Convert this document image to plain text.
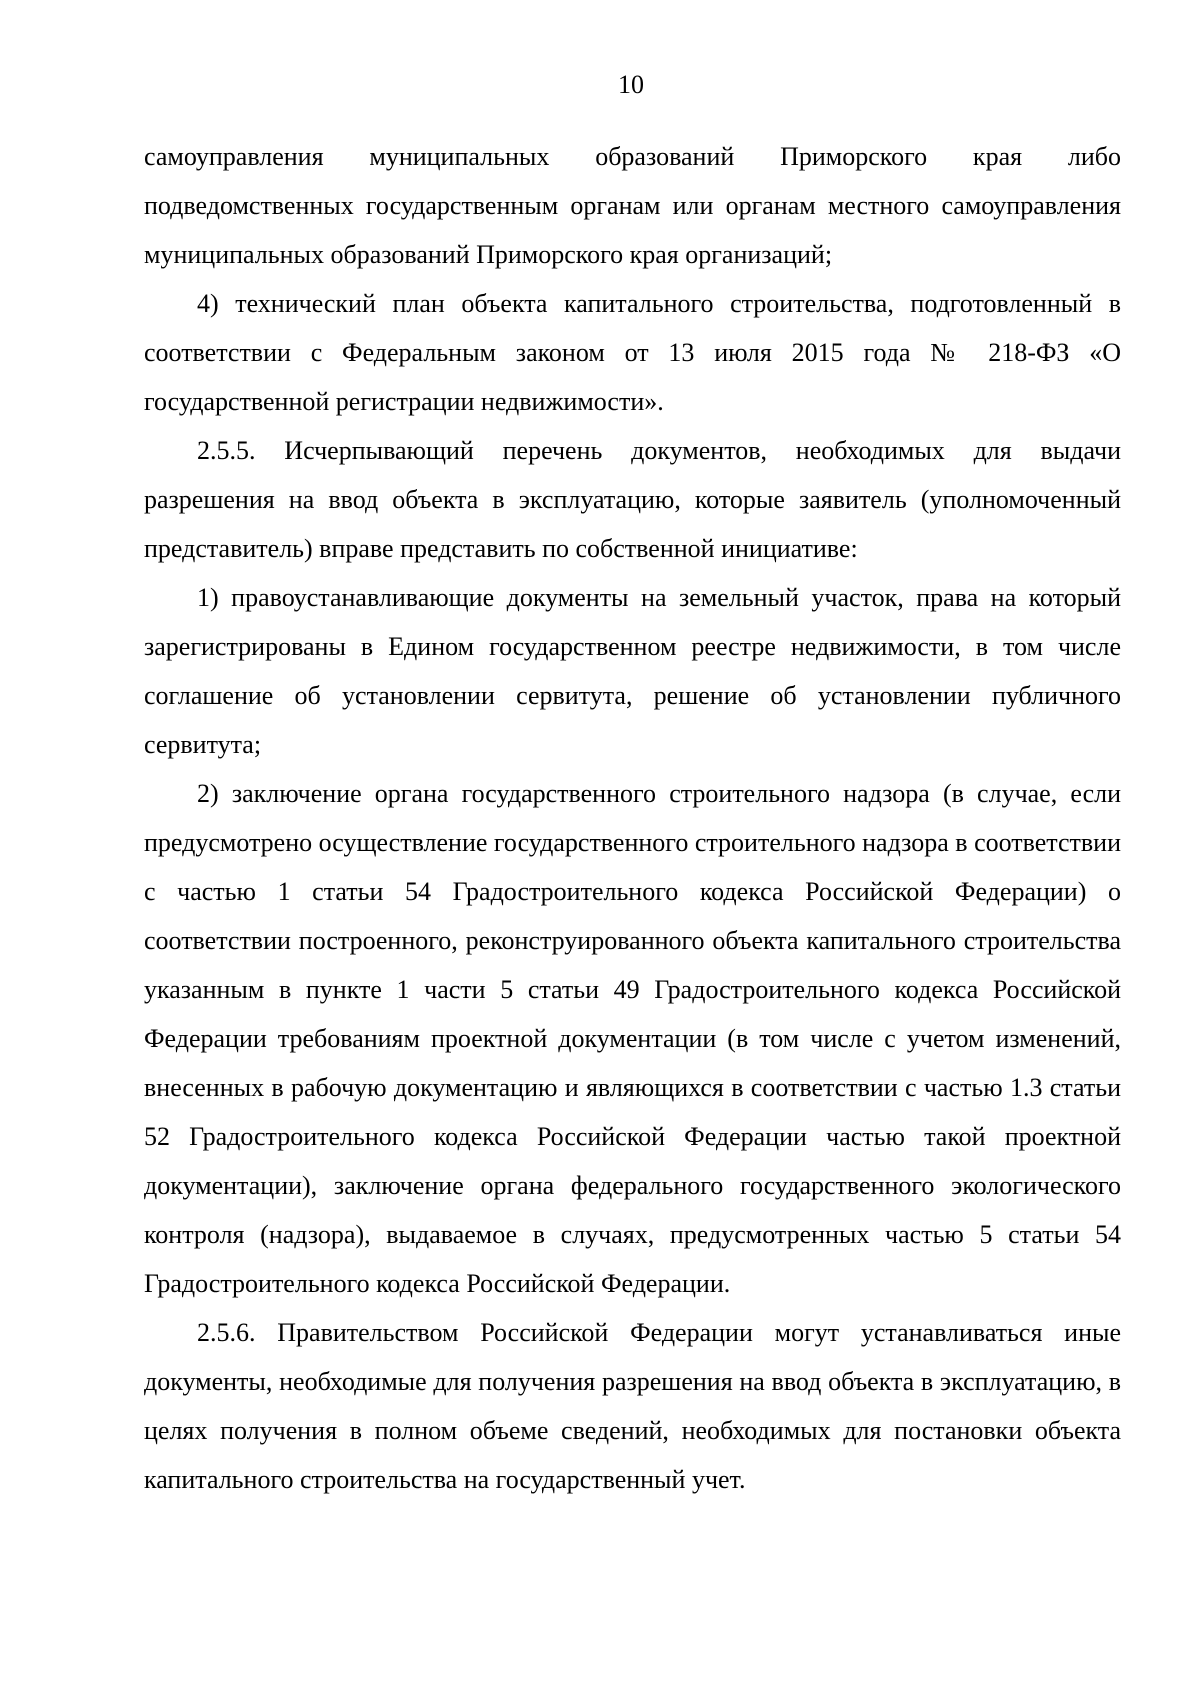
10

самоуправления муниципальных образований Приморского края либо подведомственных государственным органам или органам местного самоуправления муниципальных образований Приморского края организаций;

4) технический план объекта капитального строительства, подготовленный в соответствии с Федеральным законом от 13 июля 2015 года № 218-ФЗ «О государственной регистрации недвижимости».

2.5.5. Исчерпывающий перечень документов, необходимых для выдачи разрешения на ввод объекта в эксплуатацию, которые заявитель (уполномоченный представитель) вправе представить по собственной инициативе:

1) правоустанавливающие документы на земельный участок, права на который зарегистрированы в Едином государственном реестре недвижимости, в том числе соглашение об установлении сервитута, решение об установлении публичного сервитута;

2) заключение органа государственного строительного надзора (в случае, если предусмотрено осуществление государственного строительного надзора в соответствии с частью 1 статьи 54 Градостроительного кодекса Российской Федерации) о соответствии построенного, реконструированного объекта капитального строительства указанным в пункте 1 части 5 статьи 49 Градостроительного кодекса Российской Федерации требованиям проектной документации (в том числе с учетом изменений, внесенных в рабочую документацию и являющихся в соответствии с частью 1.3 статьи 52 Градостроительного кодекса Российской Федерации частью такой проектной документации), заключение органа федерального государственного экологического контроля (надзора), выдаваемое в случаях, предусмотренных частью 5 статьи 54 Градостроительного кодекса Российской Федерации.

2.5.6. Правительством Российской Федерации могут устанавливаться иные документы, необходимые для получения разрешения на ввод объекта в эксплуатацию, в целях получения в полном объеме сведений, необходимых для постановки объекта капитального строительства на государственный учет.
